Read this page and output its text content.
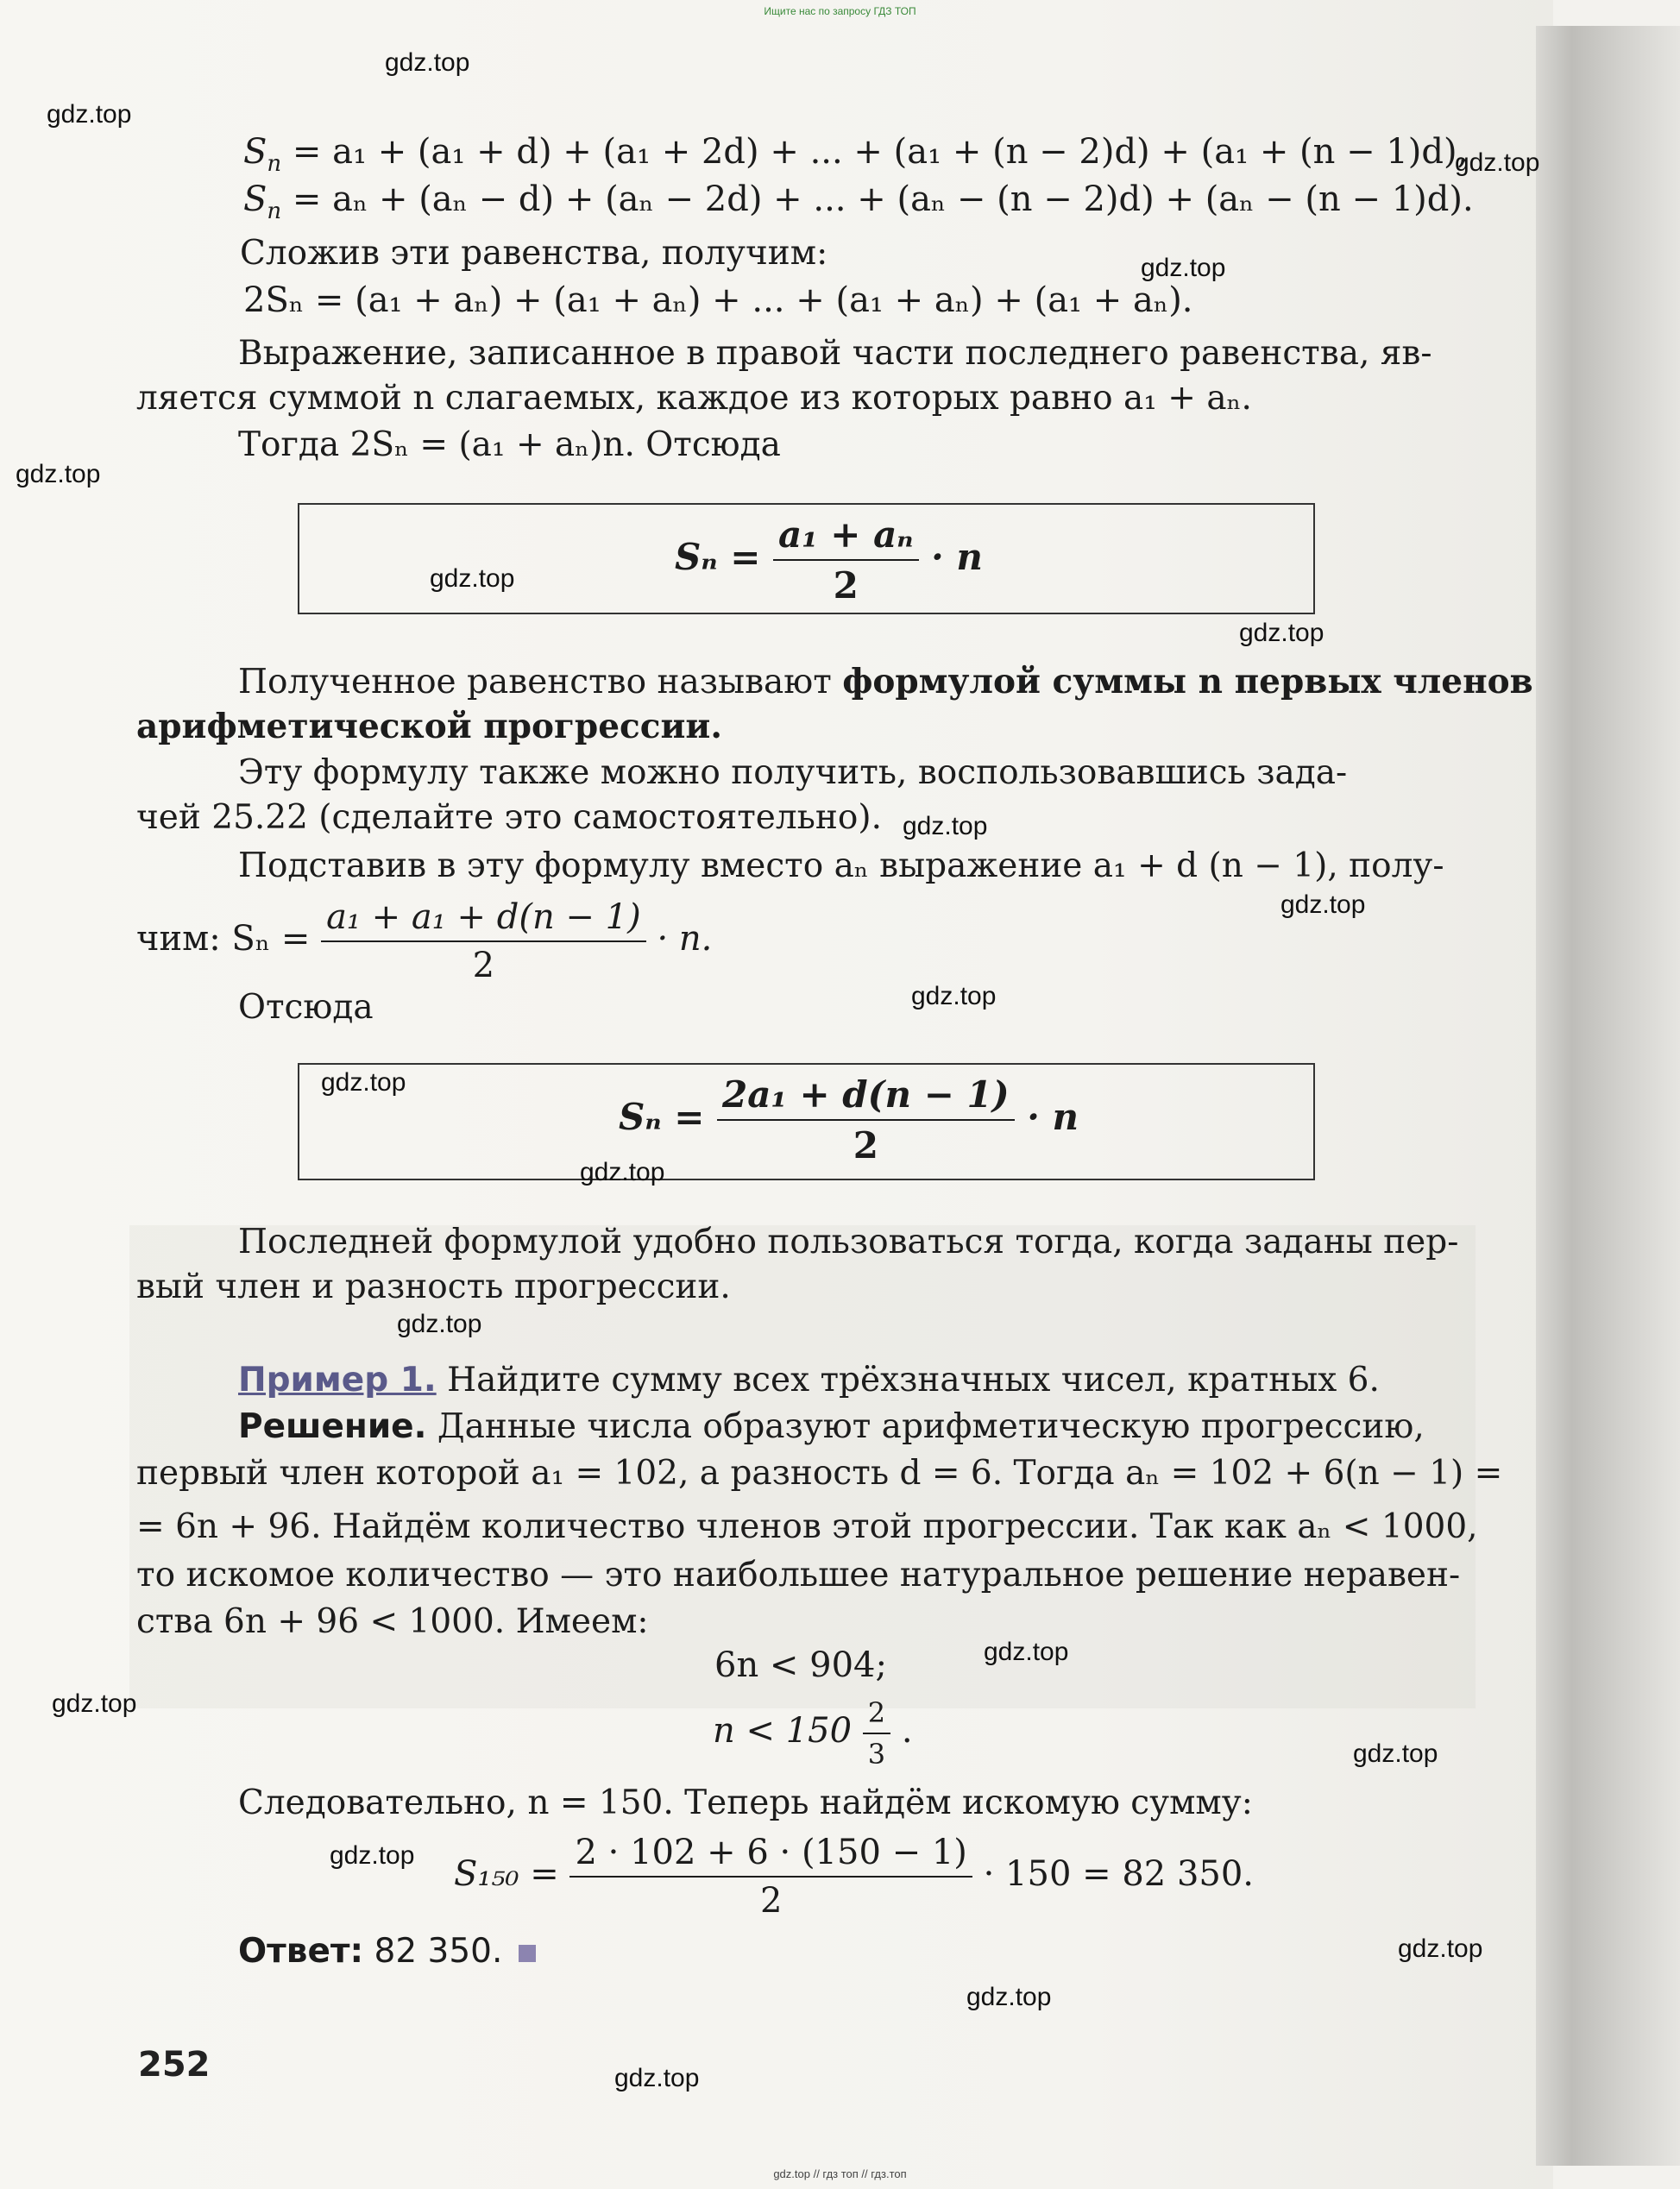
Ищите нас по запросу ГДЗ ТОП
$S_n = a_1 + (a_1 + d) + (a_1 + 2d)$ + ... + (a₁ + (n − 2)d) + (a₁ + (n − 1)d),
$S_n = a_n + (a_n - d) + (a_n - 2d)$ + ... + (aₙ − (n − 2)d) + (aₙ − (n − 1)d).
Сложив эти равенства, получим:
2Sₙ = (a₁ + aₙ) + (a₁ + aₙ) + ... + (a₁ + aₙ) + (a₁ + aₙ).
Выражение, записанное в правой части последнего равенства, яв-
ляется суммой n слагаемых, каждое из которых равно a₁ + aₙ.
Тогда 2Sₙ = (a₁ + aₙ)n. Отсюда
$S_n = \frac{\text{a₁ + aₙ}}{2} \cdot n$
Полученное равенство называют формулой суммы n первых членов
арифметической прогрессии.
Эту формулу также можно получить, воспользовавшись зада-
чей 25.22 (сделайте это самостоятельно).
Подставив в эту формулу вместо aₙ выражение a₁ + d (n − 1), полу-
чим: $S_n = \frac{\text{a₁ + a₁ + d(n − 1)}}{2} \cdot n$.
Отсюда
$S_n = \frac{\text{2a₁ + d(n − 1)}}{2} \cdot n$
Последней формулой удобно пользоваться тогда, когда заданы пер-
вый член и разность прогрессии.
Пример 1. Найдите сумму всех трёхзначных чисел, кратных 6.
Решение. Данные числа образуют арифметическую прогрессию,
первый член которой a₁ = 102, а разность d = 6. Тогда aₙ = 102 + 6(n − 1) =
= 6n + 96. Найдём количество членов этой прогрессии. Так как aₙ < 1000,
то искомое количество — это наибольшее натуральное решение неравен-
ства 6n + 96 < 1000. Имеем:
6n < 904;
$n < 150 \frac{2}{3}$ .
Следовательно, n = 150. Теперь найдём искомую сумму:
$S_{150} = \frac{2 \cdot 102 + 6 \cdot (150 - 1)}{2} \cdot 150 = 82$ 350.
Ответ: 82 350.
252
gdz.top
gdz.top
gdz.top
gdz.top
gdz.top
gdz.top
gdz.top
gdz.top
gdz.top
gdz.top
gdz.top
gdz.top
gdz.top
gdz.top
gdz.top
gdz.top
gdz.top
gdz.top
gdz.top
gdz.top
gdz.top // гдз топ // гдз.топ
